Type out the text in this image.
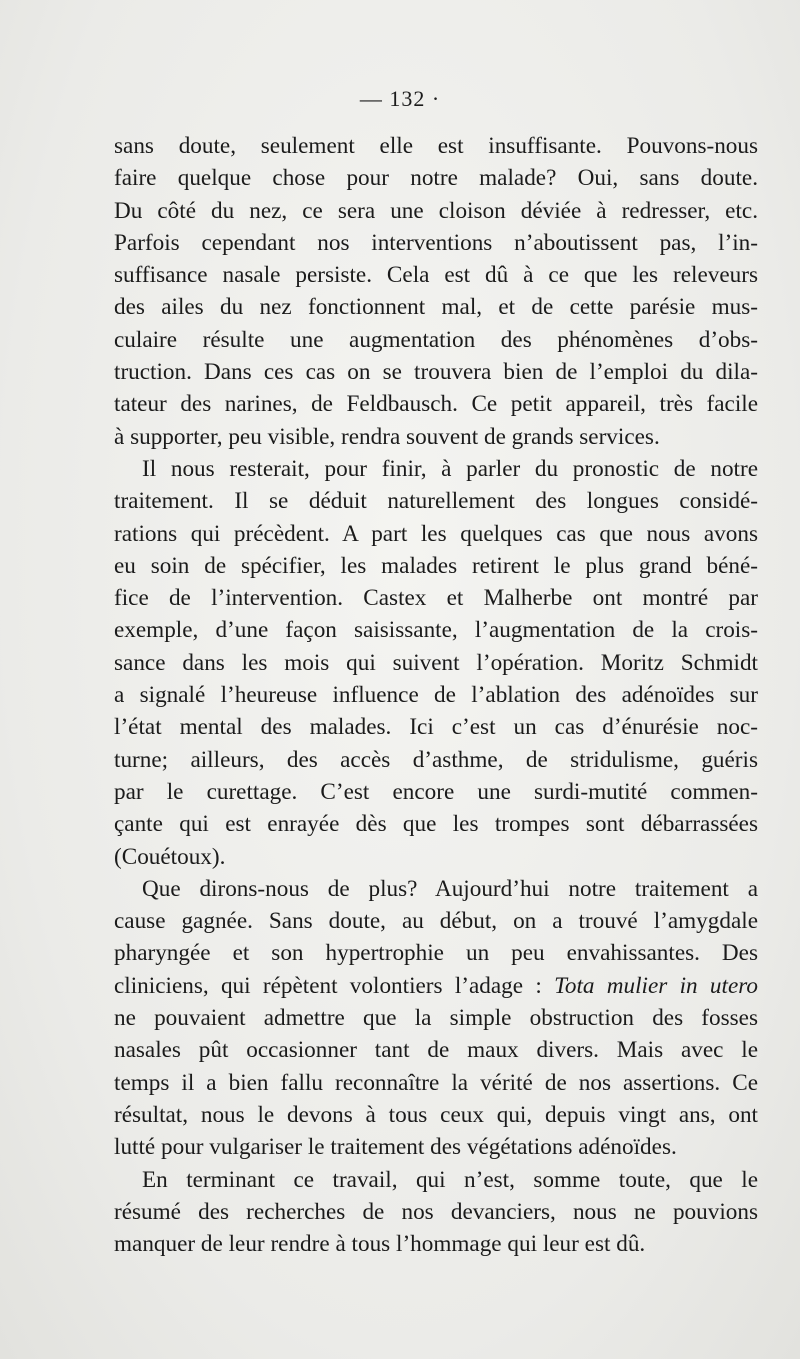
— 132 ·
sans doute, seulement elle est insuffisante. Pouvons-nous
faire quelque chose pour notre malade? Oui, sans doute.
Du côté du nez, ce sera une cloison déviée à redresser, etc.
Parfois cependant nos interventions n’aboutissent pas, l’in-
suffisance nasale persiste. Cela est dû à ce que les releveurs
des ailes du nez fonctionnent mal, et de cette parésie mus-
culaire résulte une augmentation des phénomènes d’obs-
truction. Dans ces cas on se trouvera bien de l’emploi du dila-
tateur des narines, de Feldbausch. Ce petit appareil, très facile
à supporter, peu visible, rendra souvent de grands services.
Il nous resterait, pour finir, à parler du pronostic de notre
traitement. Il se déduit naturellement des longues considé-
rations qui précèdent. A part les quelques cas que nous avons
eu soin de spécifier, les malades retirent le plus grand béné-
fice de l’intervention. Castex et Malherbe ont montré par
exemple, d’une façon saisissante, l’augmentation de la crois-
sance dans les mois qui suivent l’opération. Moritz Schmidt
a signalé l’heureuse influence de l’ablation des adénoïdes sur
l’état mental des malades. Ici c’est un cas d’énurésie noc-
turne; ailleurs, des accès d’asthme, de stridulisme, guéris
par le curettage. C’est encore une surdi-mutité commen-
çante qui est enrayée dès que les trompes sont débarrassées
(Couétoux).
Que dirons-nous de plus? Aujourd’hui notre traitement a
cause gagnée. Sans doute, au début, on a trouvé l’amygdale
pharyngée et son hypertrophie un peu envahissantes. Des
cliniciens, qui répètent volontiers l’adage : Tota mulier in utero
ne pouvaient admettre que la simple obstruction des fosses
nasales pût occasionner tant de maux divers. Mais avec le
temps il a bien fallu reconnaître la vérité de nos assertions. Ce
résultat, nous le devons à tous ceux qui, depuis vingt ans, ont
lutté pour vulgariser le traitement des végétations adénoïdes.
En terminant ce travail, qui n’est, somme toute, que le
résumé des recherches de nos devanciers, nous ne pouvions
manquer de leur rendre à tous l’hommage qui leur est dû.
